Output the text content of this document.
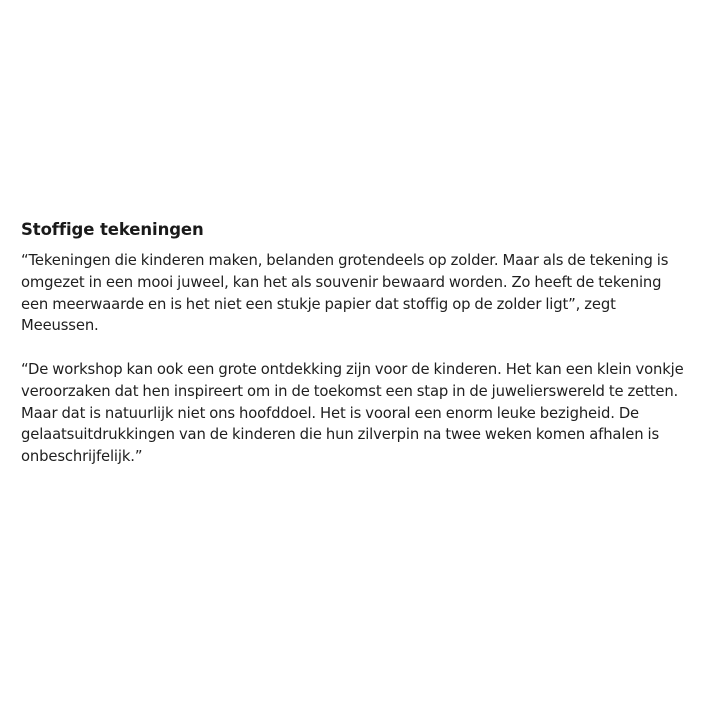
Stoffige tekeningen

“Tekeningen die kinderen maken, belanden grotendeels op zolder. Maar als de tekening is
omgezet in een mooi juweel, kan het als souvenir bewaard worden. Zo heeft de tekening
een meerwaarde en is het niet een stukje papier dat stoffig op de zolder ligt”, zegt
Meeussen.

“De workshop kan ook een grote ontdekking zijn voor de kinderen. Het kan een klein vonkje
veroorzaken dat hen inspireert om in de toekomst een stap in de juwelierswereld te zetten.
Maar dat is natuurlijk niet ons hoofddoel. Het is vooral een enorm leuke bezigheid. De
gelaatsuitdrukkingen van de kinderen die hun zilverpin na twee weken komen afhalen is
onbeschrijfelijk.”
